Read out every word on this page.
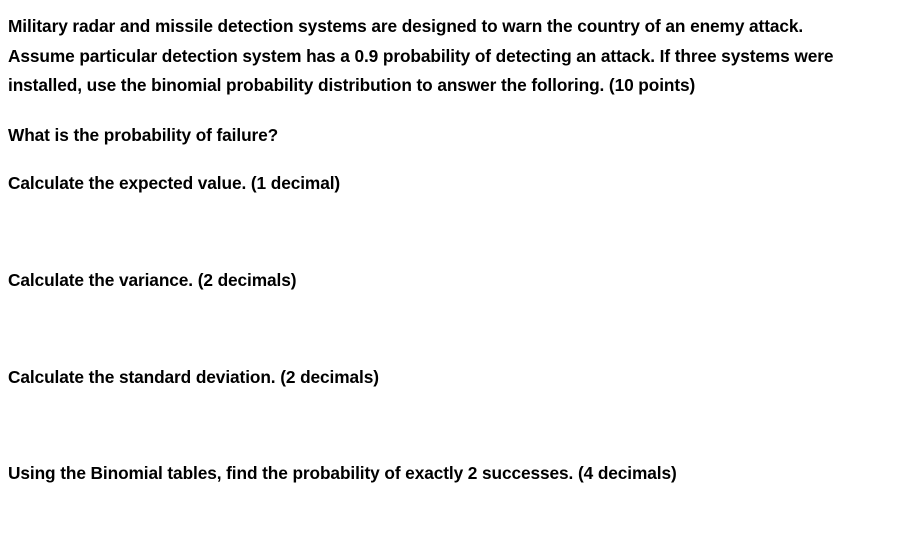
Military radar and missile detection systems are designed to warn the country of an enemy attack.

Assume particular detection system has a 0.9 probability of detecting an attack. If three systems were

installed, use the binomial probability distribution to answer the folloring. (10 points)

What is the probability of failure?

Calculate the expected value. (1 decimal)

Calculate the variance. (2 decimals)

Calculate the standard deviation. (2 decimals)

Using the Binomial tables, find the probability of exactly 2 successes. (4 decimals)
